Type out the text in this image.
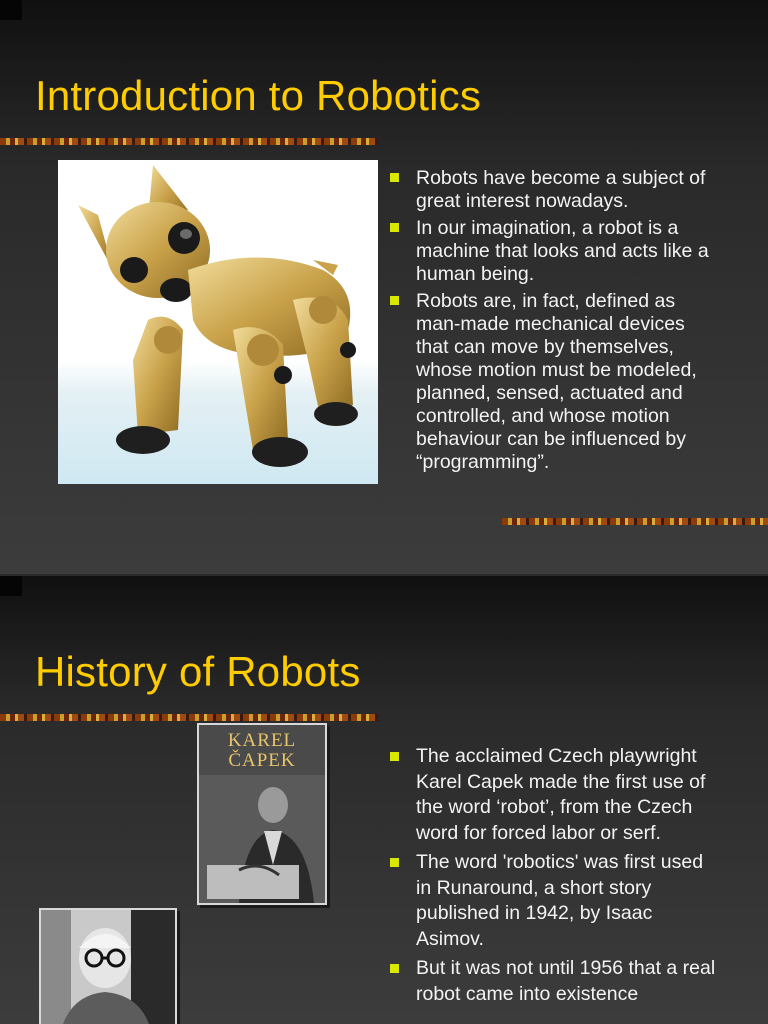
Introduction to Robotics
Robots have become a subject of great interest nowadays.
In our imagination, a robot is a machine that looks and acts like a human being.
Robots are, in fact, defined as man-made mechanical devices that can move by themselves, whose motion must be modeled, planned, sensed, actuated and controlled, and whose motion behaviour can be influenced by “programming”.
History of Robots
KAREL
ČAPEK	The acclaimed Czech playwright Karel Capek made the first use of the word ‘robot’, from the Czech word for forced labor or serf.
The word 'robotics' was first used in Runaround, a short story published in 1942, by Isaac Asimov.
But it was not until 1956 that a real robot came into existence
